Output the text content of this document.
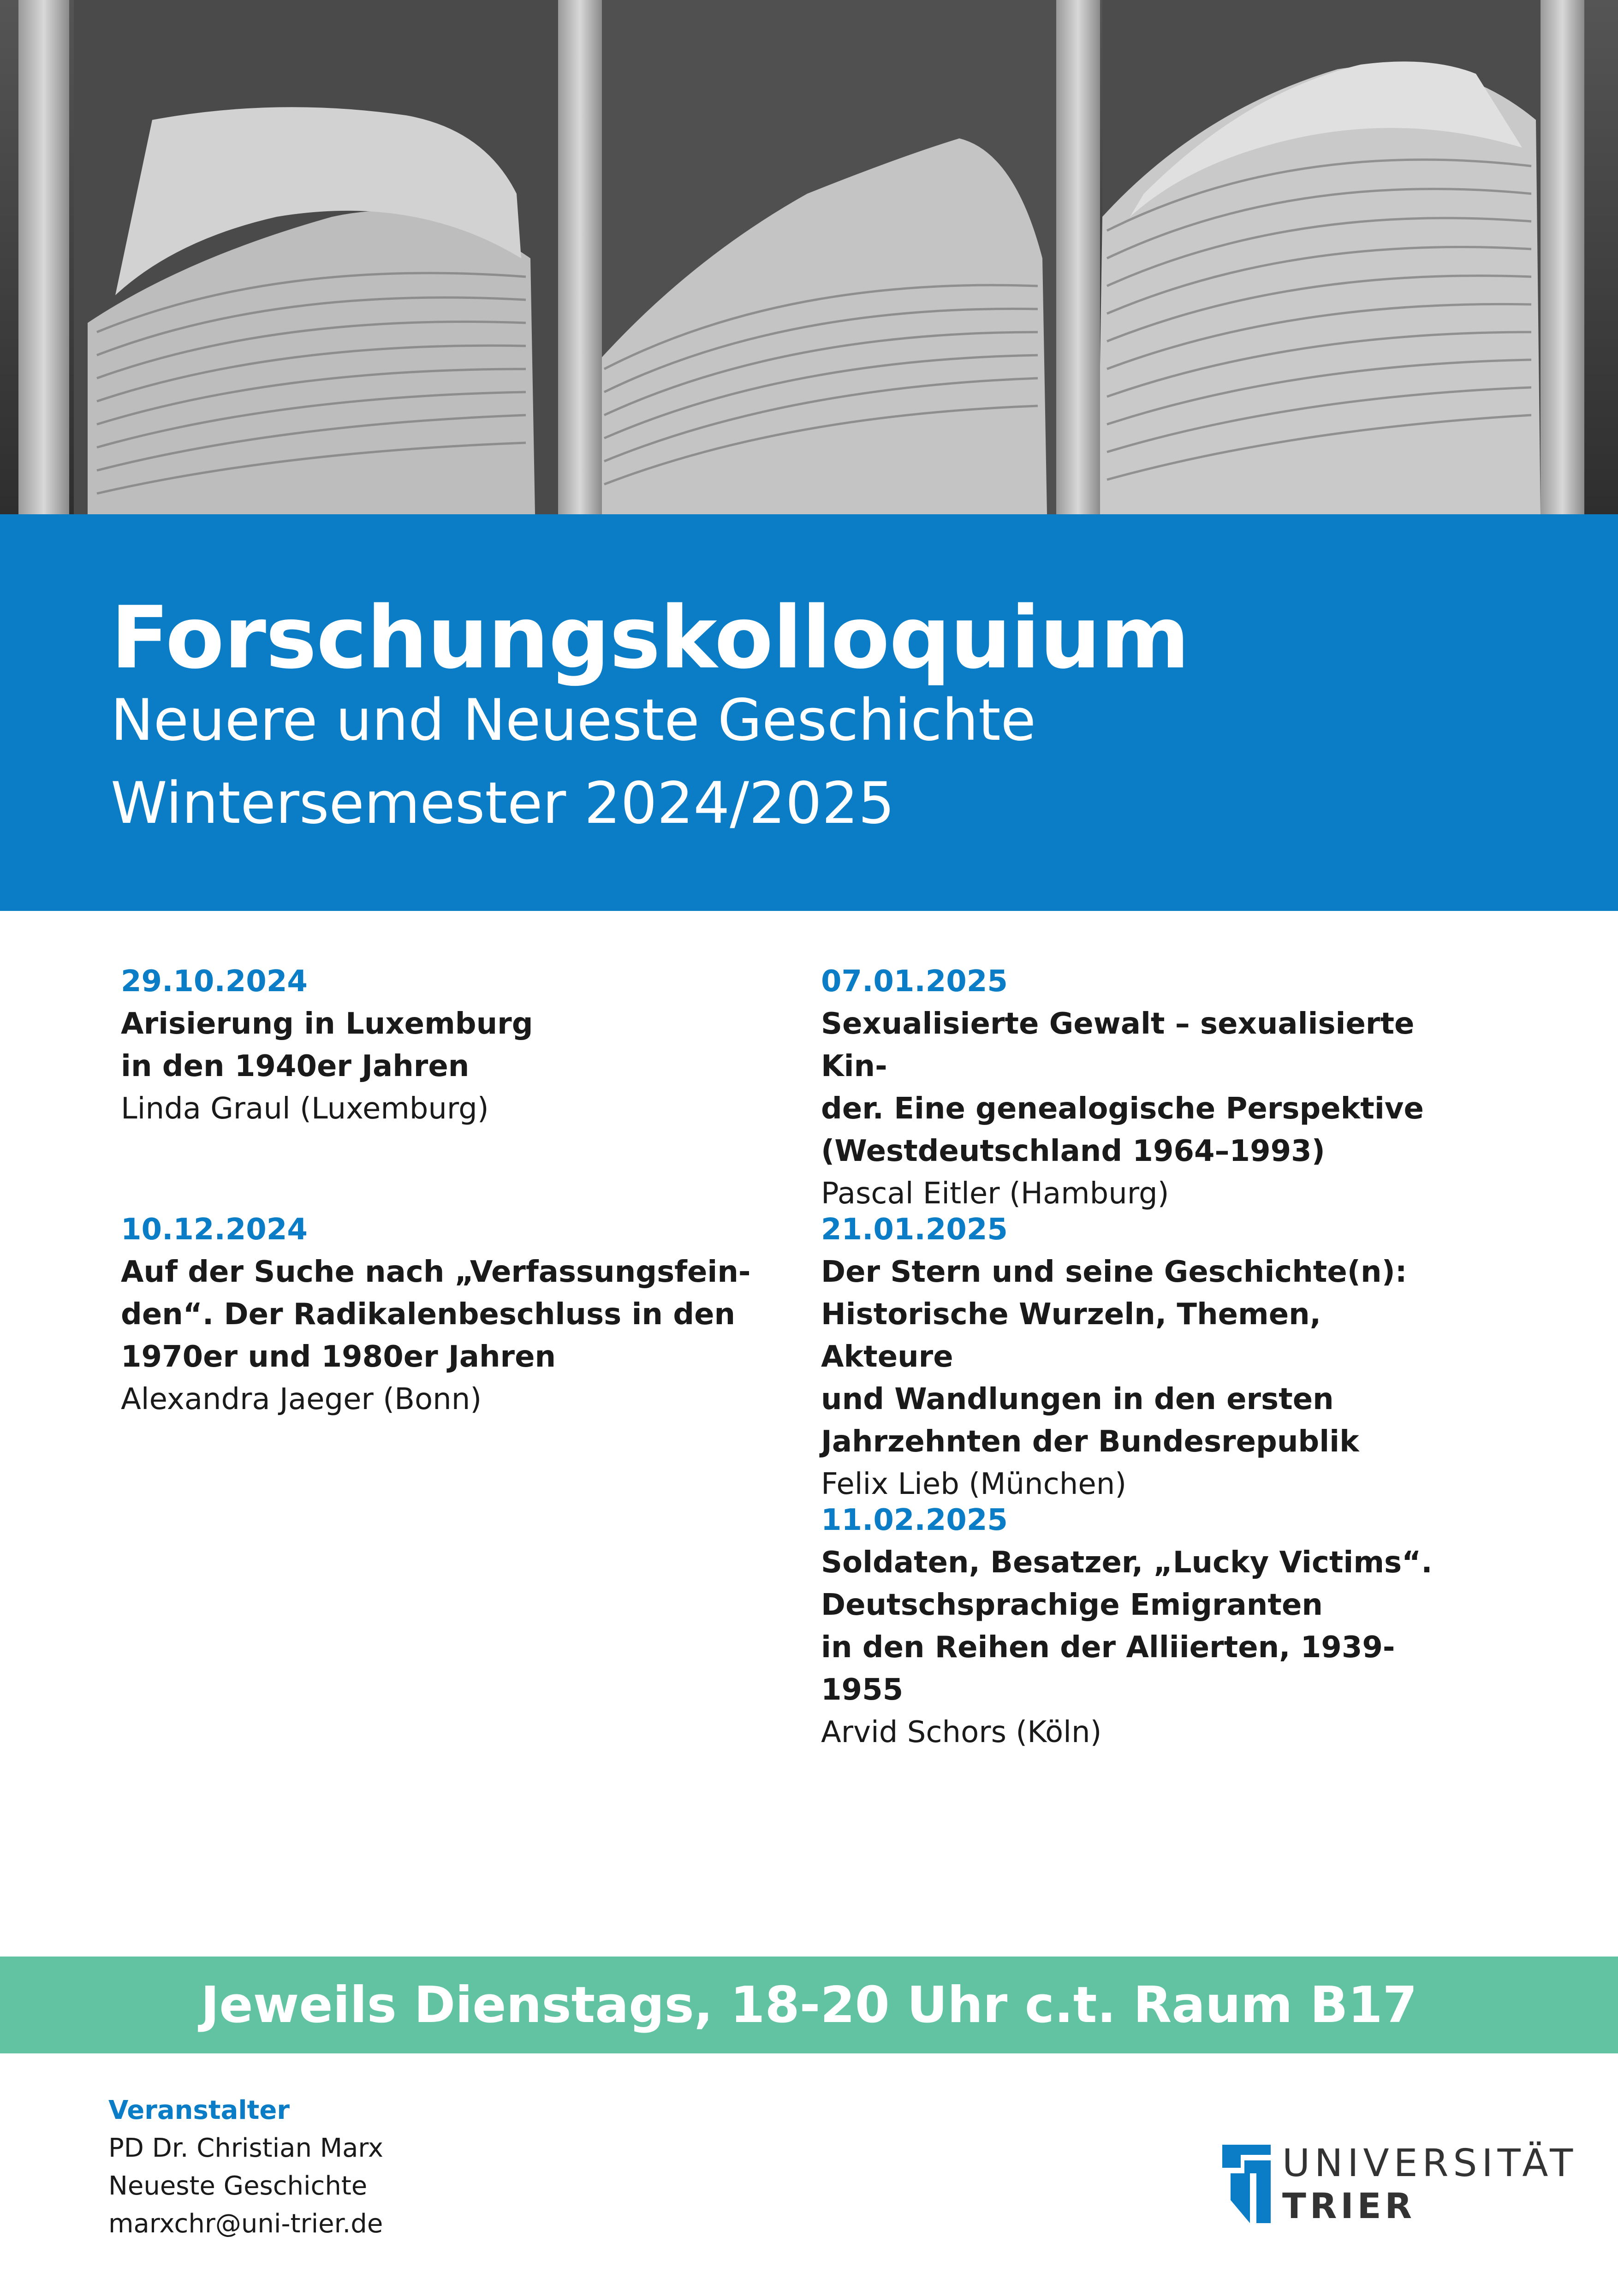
Forschungskolloquium
Neuere und Neueste Geschichte
Wintersemester 2024/2025
29.10.2024
Arisierung in Luxemburg
in den 1940er Jahren
Linda Graul (Luxemburg)
10.12.2024
Auf der Suche nach „Verfassungsfein-
den“. Der Radikalenbeschluss in den
1970er und 1980er Jahren
Alexandra Jaeger (Bonn)
07.01.2025
Sexualisierte Gewalt – sexualisierte Kin-
der. Eine genealogische Perspektive
(Westdeutschland 1964–1993)
Pascal Eitler (Hamburg)
21.01.2025
Der Stern und seine Geschichte(n):
Historische Wurzeln, Themen, Akteure
und Wandlungen in den ersten
Jahrzehnten der Bundesrepublik
Felix Lieb (München)
11.02.2025
Soldaten, Besatzer, „Lucky Victims“.
Deutschsprachige Emigranten
in den Reihen der Alliierten, 1939-1955
Arvid Schors (Köln)
Jeweils Dienstags, 18-20 Uhr c.t. Raum B17
Veranstalter
PD Dr. Christian Marx
Neueste Geschichte
marxchr@uni-trier.de
UNIVERSITÄT
TRIER
